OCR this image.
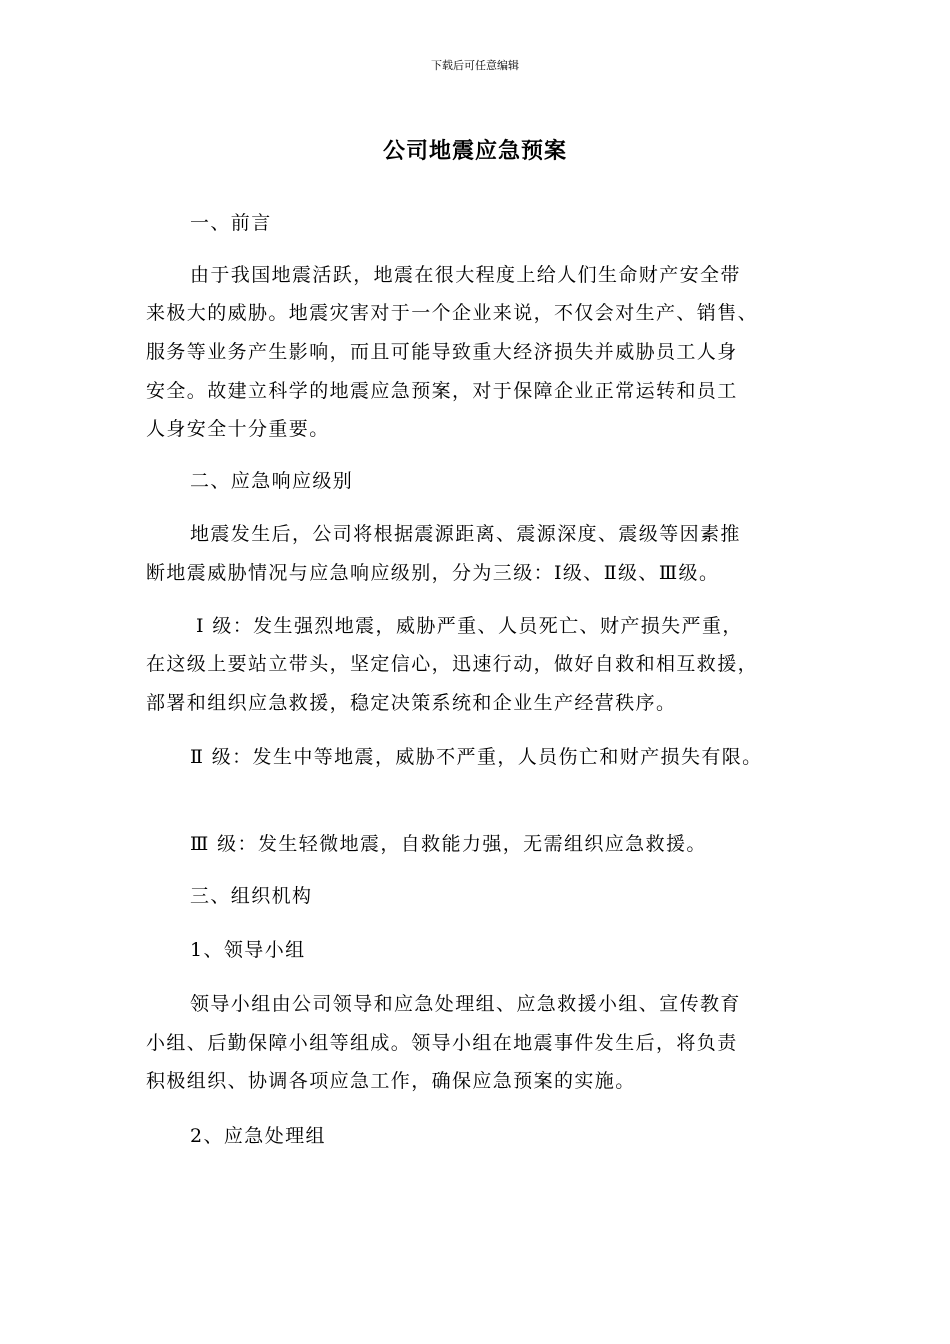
下载后可任意编辑
公司地震应急预案
一、前言
由于我国地震活跃，地震在很大程度上给人们生命财产安全带
来极大的威胁。地震灾害对于一个企业来说，不仅会对生产、销售、
服务等业务产生影响，而且可能导致重大经济损失并威胁员工人身
安全。故建立科学的地震应急预案，对于保障企业正常运转和员工
人身安全十分重要。
二、应急响应级别
地震发生后，公司将根据震源距离、震源深度、震级等因素推
断地震威胁情况与应急响应级别，分为三级：Ⅰ级、Ⅱ级、Ⅲ级。
Ⅰ 级：发生强烈地震，威胁严重、人员死亡、财产损失严重，
在这级上要站立带头，坚定信心，迅速行动，做好自救和相互救援，
部署和组织应急救援，稳定决策系统和企业生产经营秩序。
Ⅱ 级：发生中等地震，威胁不严重，人员伤亡和财产损失有限。
Ⅲ 级：发生轻微地震，自救能力强，无需组织应急救援。
三、组织机构
1、领导小组
领导小组由公司领导和应急处理组、应急救援小组、宣传教育
小组、后勤保障小组等组成。领导小组在地震事件发生后，将负责
积极组织、协调各项应急工作，确保应急预案的实施。
2、应急处理组
